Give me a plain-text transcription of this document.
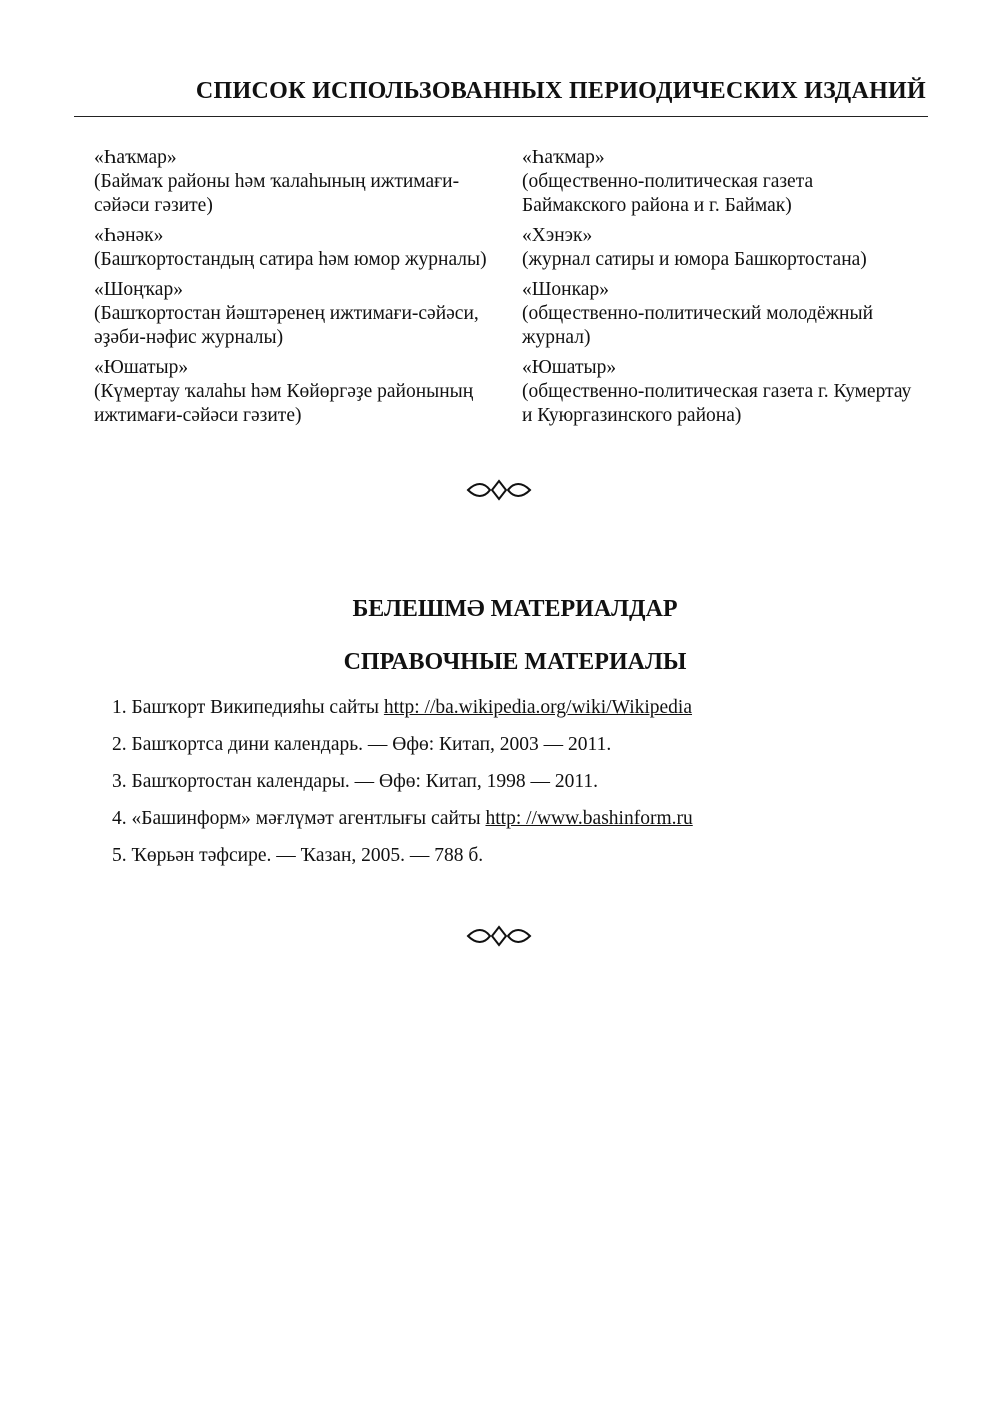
СПИСОК ИСПОЛЬЗОВАННЫХ ПЕРИОДИЧЕСКИХ ИЗДАНИЙ
«Һаҡмар»
(Баймаҡ районы һәм ҡалаһының ижтимағи-сәйәси гәзите)
«Һәнәк»
(Башҡортостандың сатира һәм юмор журналы)
«Шоңҡар»
(Башҡортостан йәштәренең ижтимағи-сәйәси, әҙәби-нәфис журналы)
«Юшатыр»
(Күмертау ҡалаһы һәм Көйөргәҙе районының ижтимағи-сәйәси гәзите)
«Һаҡмар»
(общественно-политическая газета Баймакского района и г. Баймак)
«Хэнэк»
(журнал сатиры и юмора Башкортостана)
«Шонкар»
(общественно-политический молодёжный журнал)
«Юшатыр»
(общественно-политическая газета г. Кумертау и Куюргазинского района)
БЕЛЕШМӘ МАТЕРИАЛДАР
СПРАВОЧНЫЕ МАТЕРИАЛЫ
1. Башҡорт Википедияһы сайты http: //ba.wikipedia.org/wiki/Wikipedia
2. Башҡортса дини календарь. — Өфө: Китап, 2003 — 2011.
3. Башҡортостан календары. — Өфө: Китап, 1998 — 2011.
4. «Башинформ» мәғлүмәт агентлығы сайты http: //www.bashinform.ru
5. Ҡөрьән тәфсире. — Ҡазан, 2005. — 788 б.
